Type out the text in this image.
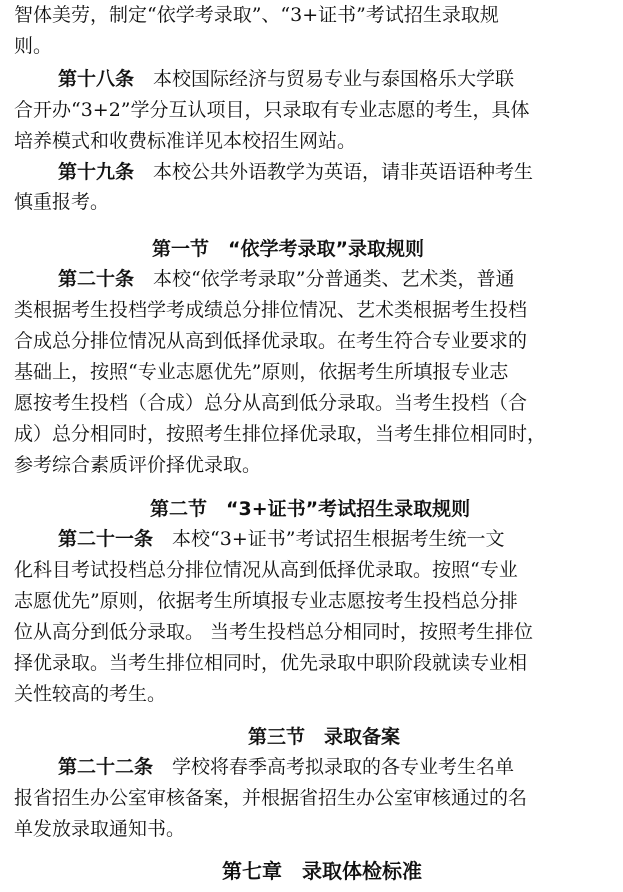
智体美劳，制定“依学考录取”、“3+证书”考试招生录取规
则。
第十八条　本校国际经济与贸易专业与泰国格乐大学联
合开办“3+2”学分互认项目，只录取有专业志愿的考生，具体
培养模式和收费标准详见本校招生网站。
第十九条　本校公共外语教学为英语，请非英语语种考生
慎重报考。
第一节　“依学考录取”录取规则
第二十条　本校“依学考录取”分普通类、艺术类，普通
类根据考生投档学考成绩总分排位情况、艺术类根据考生投档
合成总分排位情况从高到低择优录取。在考生符合专业要求的
基础上，按照“专业志愿优先”原则，依据考生所填报专业志
愿按考生投档（合成）总分从高到低分录取。当考生投档（合
成）总分相同时，按照考生排位择优录取，当考生排位相同时，
参考综合素质评价择优录取。
第二节　“3+证书”考试招生录取规则
第二十一条　本校“3+证书”考试招生根据考生统一文
化科目考试投档总分排位情况从高到低择优录取。按照“专业
志愿优先”原则，依据考生所填报专业志愿按考生投档总分排
位从高分到低分录取。 当考生投档总分相同时，按照考生排位
择优录取。当考生排位相同时，优先录取中职阶段就读专业相
关性较高的考生。
第三节　录取备案
第二十二条　学校将春季高考拟录取的各专业考生名单
报省招生办公室审核备案，并根据省招生办公室审核通过的名
单发放录取通知书。
第七章　录取体检标准
